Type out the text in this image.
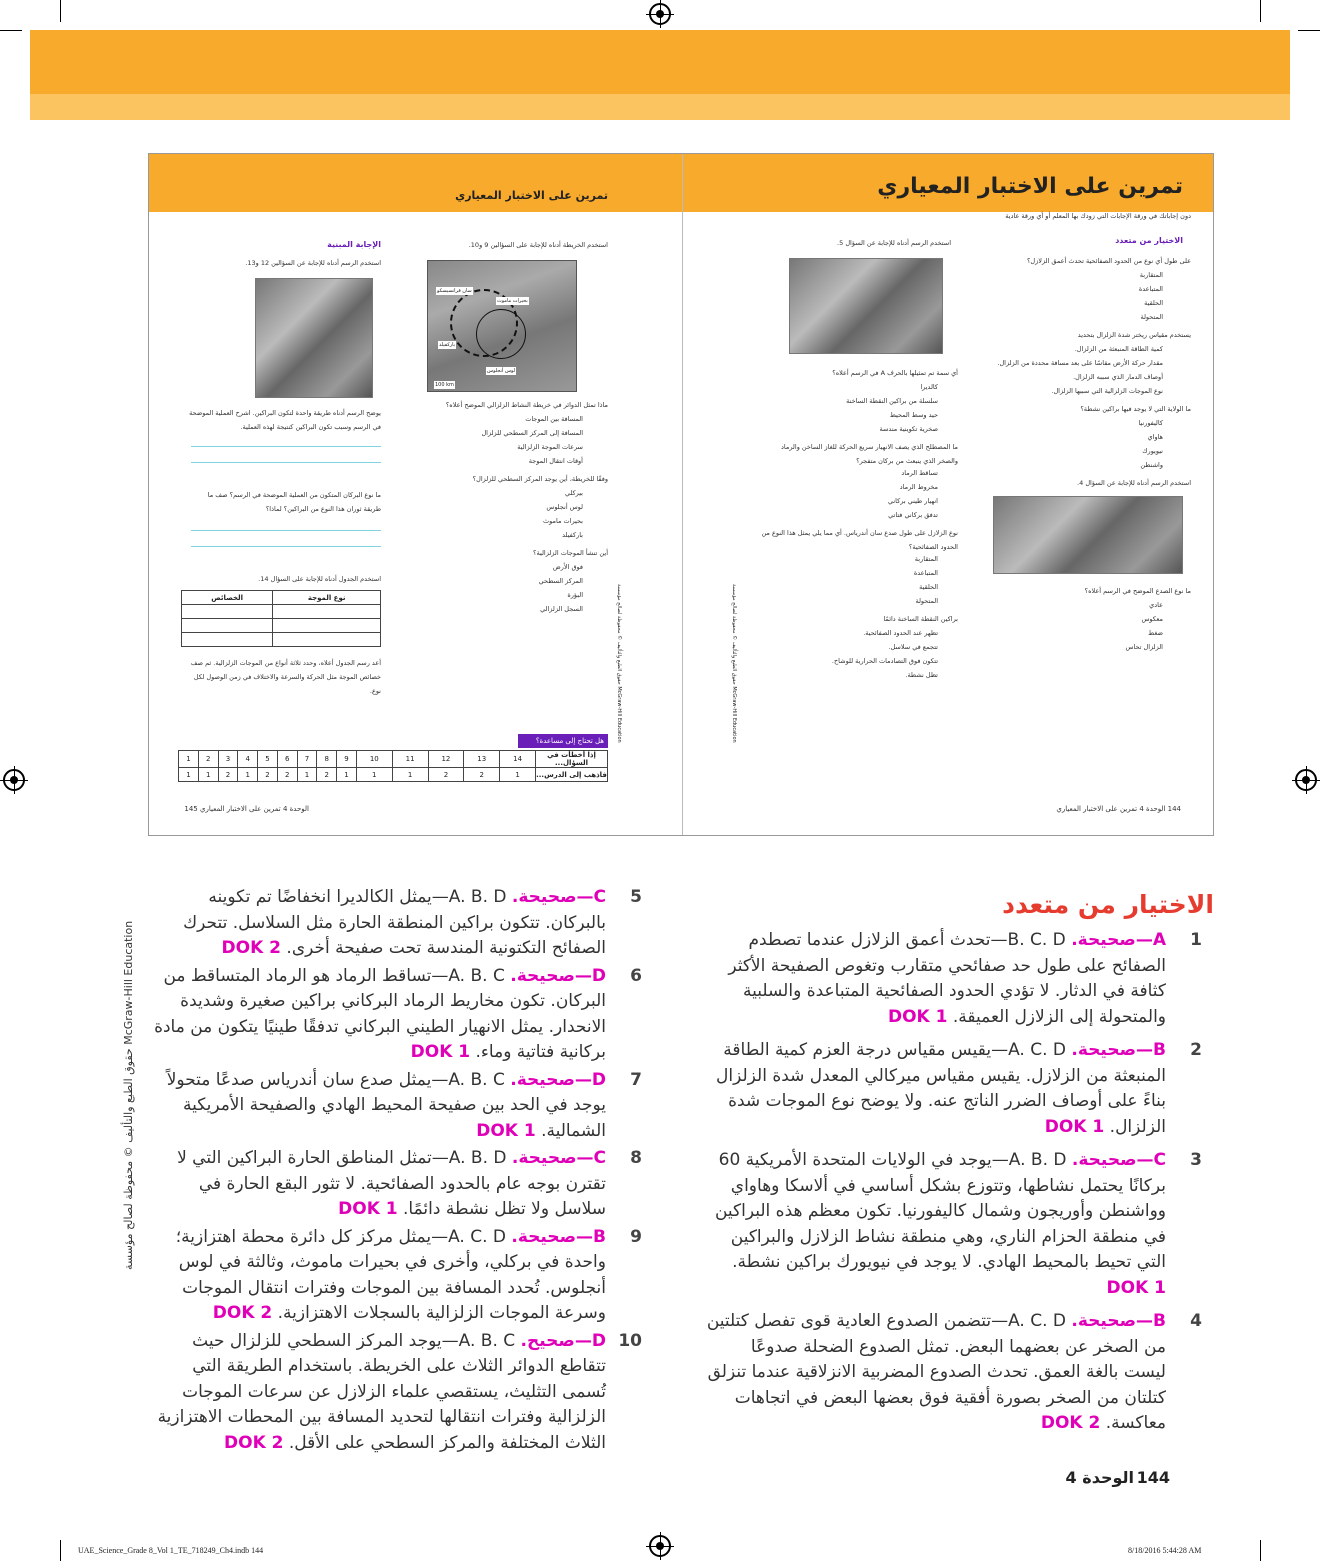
تمرين على الاختبار المعياري
تمرين على الاختبار المعياري
دون إجاباتك في ورقة الإجابات التي زودك بها المعلم أو أي ورقة عادية
الاختيار من متعدد
على طول أي نوع من الحدود الصفائحية تحدث أعمق الزلازل؟
المتقاربة
المتباعدة
الحلقية
المتحولة
يستخدم مقياس ريختر شدة الزلزال بتحديد
كمية الطاقة المنبعثة من الزلزال.
مقدار حركة الأرض مقاسًا على بعد مسافة محددة من الزلزال.
أوصاف الدمار الذي سببه الزلزال.
نوع الموجات الزلزالية التي سببها الزلزال.
ما الولاية التي لا يوجد فيها براكين نشطة؟
كاليفورنيا
هاواي
نيويورك
واشنطن
استخدم الرسم أدناه للإجابة عن السؤال 4.
ما نوع الصدع الموضح في الرسم أعلاه؟
عادي
معكوس
ضغط
الزلزال تحاس
استخدم الرسم أدناه للإجابة عن السؤال 5.
أي سمة تم تمثيلها بالحرف A في الرسم أعلاه؟
كالديرا
سلسلة من براكين النقطة الساخنة
حيد وسط المحيط
صخرية تكوينية مندسة
ما المصطلح الذي يصف الانهيار سريع الحركة للغاز الساخن والرماد والصخر الذي ينبعث من بركان متفجر؟
تساقط الرماد
مخروط الرماد
انهيار طيني بركاني
تدفق بركاني فتاتي
نوع الزلازل على طول صدع سان أندرياس. أي مما يلي يمثل هذا النوع من الحدود الصفائحية؟
المتقاربة
المتباعدة
الحلقية
المتحولة
براكين النقطة الساخنة دائمًا
تظهر عند الحدود الصفائحية.
تتجمع في سلاسل.
تتكون فوق التصادمات الحرارية للوشاح.
تظل نشطة.
استخدم الخريطة أدناه للإجابة على السؤالين 9 و10.
سان فرانسيسكو
بحيرات ماموث
باركفيلد
لوس أنجلوس
100 km
ماذا تمثل الدوائر في خريطة النشاط الزلزالي الموضح أعلاه؟
المسافة بين الموجات
المسافة إلى المركز السطحي للزلزال
سرعات الموجة الزلزالية
أوقات انتقال الموجة
وفقًا للخريطة، أين يوجد المركز السطحي للزلزال؟
بيركلي
لوس أنجلوس
بحيرات ماموث
باركفيلد
أين تنشأ الموجات الزلزالية؟
فوق الأرض
المركز السطحي
البؤرة
السجل الزلزالي
الإجابة المبنية
استخدم الرسم أدناه للإجابة عن السؤالين 12 و13.
يوضح الرسم أدناه طريقة واحدة لتكون البراكين. اشرح العملية الموضحة في الرسم وسبب تكون البراكين كنتيجة لهذه العملية.
ما نوع البركان المتكون من العملية الموضحة في الرسم؟ صف ما طريقة ثوران هذا النوع من البراكين؟ لماذا؟
استخدم الجدول أدناه للإجابة على السؤال 14.
نوع الموجة	الخصائص

أعد رسم الجدول أعلاه، وحدد ثلاثة أنواع من الموجات الزلزالية. ثم صف خصائص الموجة مثل الحركة والسرعة والاختلاف في زمن الوصول لكل نوع.
هل تحتاج إلى مساعدة؟
إذا أخطأت في السؤال...	14	13	12	11	10	9	8	7	6	5	4	3	2	1
فاذهب إلى الدرس...	1	2	2	1	1	1	2	1	2	2	1	2	1	1
144 الوحدة 4 تمرين على الاختبار المعياري
الوحدة 4 تمرين على الاختبار المعياري 145
حقوق الطبع والتأليف © محفوظة لصالح مؤسسة McGraw-Hill Education
حقوق الطبع والتأليف © محفوظة لصالح مؤسسة McGraw-Hill Education
الاختيار من متعدد
1
A—صحيحة. B. C. D—تحدث أعمق الزلازل عندما تصطدم الصفائح على طول حد صفائحي متقارب وتغوص الصفيحة الأكثر كثافة في الدثار. لا تؤدي الحدود الصفائحية المتباعدة والسلبية والمتحولة إلى الزلازل العميقة. DOK 1
2
B—صحيحة. A. C. D—يقيس مقياس درجة العزم كمية الطاقة المنبعثة من الزلازل. يقيس مقياس ميركالي المعدل شدة الزلزال بناءً على أوصاف الضرر الناتج عنه. ولا يوضح نوع الموجات شدة الزلزال. DOK 1
3
C—صحيحة. A. B. D—يوجد في الولايات المتحدة الأمريكية 60 بركانًا يحتمل نشاطها، وتتوزع بشكل أساسي في ألاسكا وهاواي وواشنطن وأوريجون وشمال كاليفورنيا. تكون معظم هذه البراكين في منطقة الحزام الناري، وهي منطقة نشاط الزلازل والبراكين التي تحيط بالمحيط الهادي. لا يوجد في نيويورك براكين نشطة. DOK 1
4
B—صحيحة. A. C. D—تتضمن الصدوع العادية قوى تفصل كتلتين من الصخر عن بعضهما البعض. تمثل الصدوع الضحلة صدوعًا ليست بالغة العمق. تحدث الصدوع المضربية الانزلاقية عندما تنزلق كتلتان من الصخر بصورة أفقية فوق بعضها البعض في اتجاهات معاكسة. DOK 2
5
C—صحيحة. A. B. D—يمثل الكالديرا انخفاضًا تم تكوينه بالبركان. تتكون براكين المنطقة الحارة مثل السلاسل. تتحرك الصفائح التكتونية المندسة تحت صفيحة أخرى. DOK 2
6
D—صحيحة. A. B. C—تساقط الرماد هو الرماد المتساقط من البركان. تكون مخاريط الرماد البركاني براكين صغيرة وشديدة الانحدار. يمثل الانهيار الطيني البركاني تدفقًا طينيًا يتكون من مادة بركانية فتاتية وماء. DOK 1
7
D—صحيحة. A. B. C—يمثل صدع سان أندرياس صدعًا متحولاً يوجد في الحد بين صفيحة المحيط الهادي والصفيحة الأمريكية الشمالية. DOK 1
8
C—صحيحة. A. B. D—تمثل المناطق الحارة البراكين التي لا تقترن بوجه عام بالحدود الصفائحية. لا تثور البقع الحارة في سلاسل ولا تظل نشطة دائمًا. DOK 1
9
B—صحيحة. A. C. D—يمثل مركز كل دائرة محطة اهتزازية؛ واحدة في بركلي، وأخرى في بحيرات ماموث، وثالثة في لوس أنجلوس. تُحدد المسافة بين الموجات وفترات انتقال الموجات وسرعة الموجات الزلزالية بالسجلات الاهتزازية. DOK 2
10
D—صحيح. A. B. C—يوجد المركز السطحي للزلزال حيث تتقاطع الدوائر الثلاث على الخريطة. باستخدام الطريقة التي تُسمى التثليث، يستقصي علماء الزلازل عن سرعات الموجات الزلزالية وفترات انتقالها لتحديد المسافة بين المحطات الاهتزازية الثلاث المختلفة والمركز السطحي على الأقل. DOK 2
McGraw-Hill Education حقوق الطبع والتأليف © محفوظة لصالح مؤسسة
144
الوحدة 4
UAE_Science_Grade 8_Vol 1_TE_718249_Ch4.indb 144	8/18/2016 5:44:28 AM
